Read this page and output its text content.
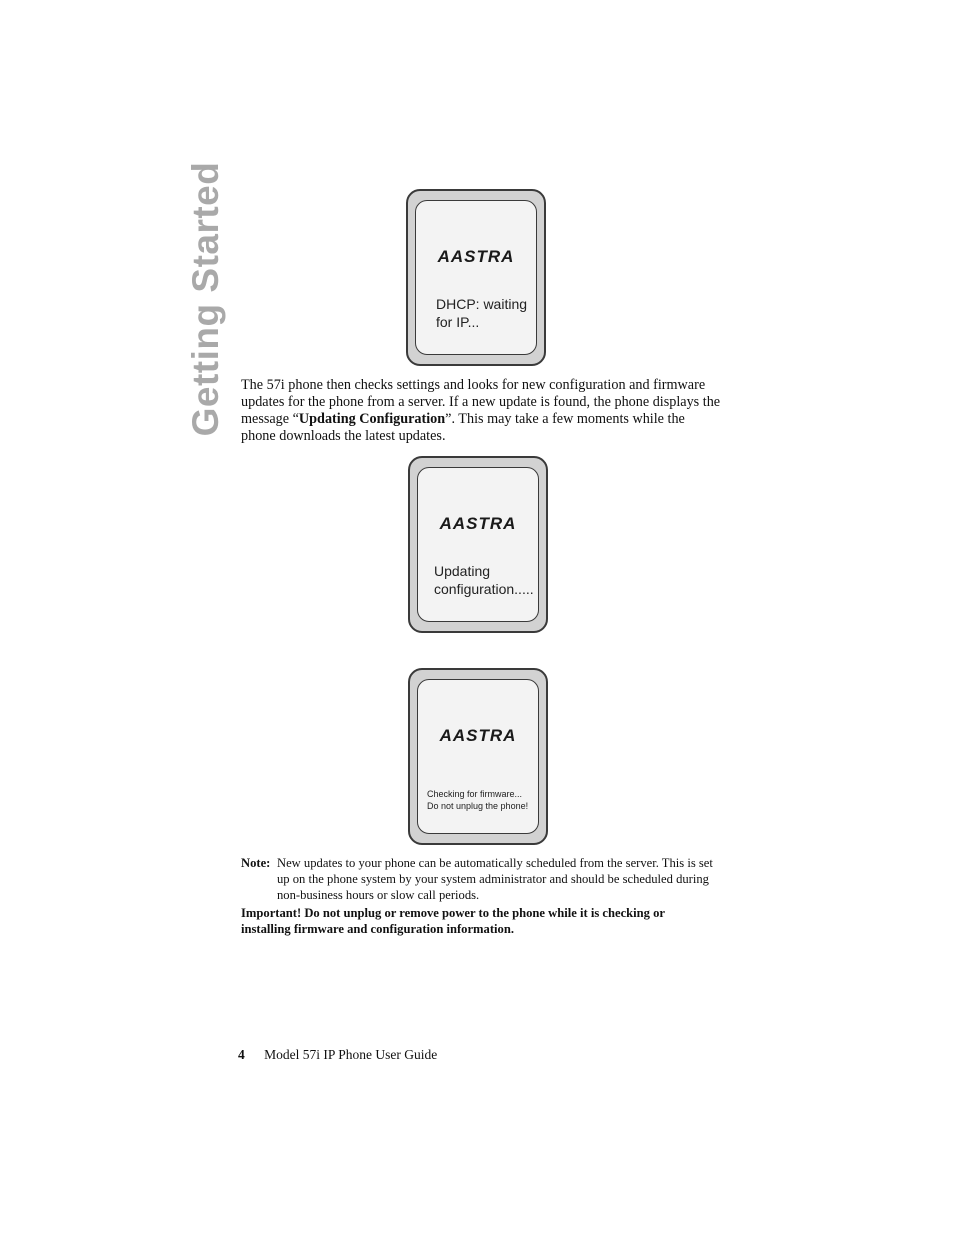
Getting Started	AASTRA
DHCP: waiting
for IP...

The 57i phone then checks settings and looks for new configuration and firmware updates for the phone from a server. If a new update is found, the phone displays the message “Updating Configuration”. This may take a few moments while the phone downloads the latest updates.

AASTRA
Updating
configuration.....
AASTRA
Checking for firmware...
Do not unplug the phone!
Note: New updates to your phone can be automatically scheduled from the server. This is set up on the phone system by your system administrator and should be scheduled during non-business hours or slow call periods.

Important! Do not unplug or remove power to the phone while it is checking or installing firmware and configuration information.

4 Model 57i IP Phone User Guide
